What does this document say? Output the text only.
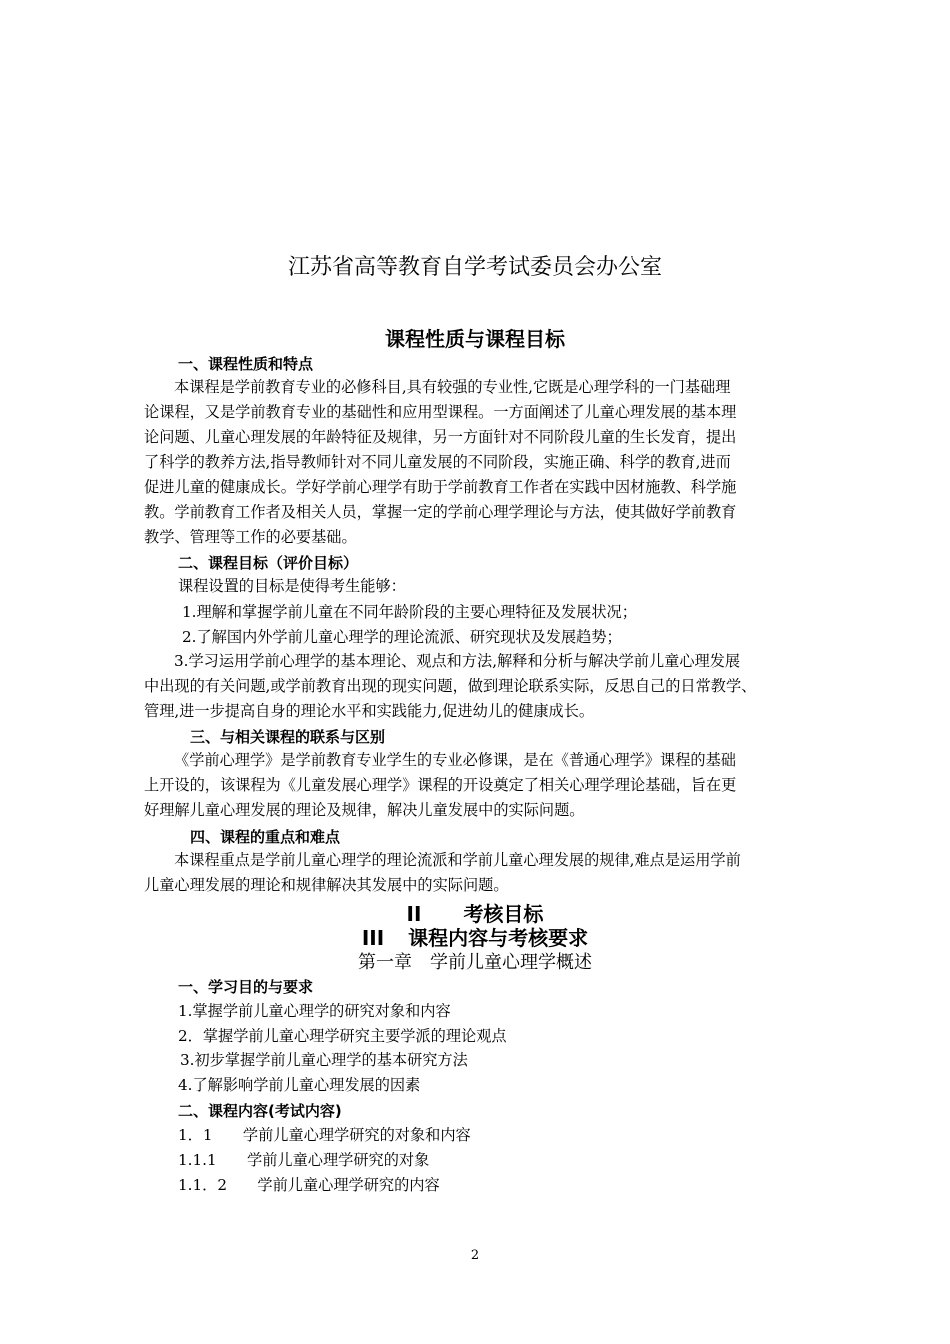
江苏省高等教育自学考试委员会办公室
课程性质与课程目标
一、课程性质和特点
本课程是学前教育专业的必修科目,具有较强的专业性,它既是心理学科的一门基础理
论课程，又是学前教育专业的基础性和应用型课程。一方面阐述了儿童心理发展的基本理
论问题、儿童心理发展的年龄特征及规律，另一方面针对不同阶段儿童的生长发育，提出
了科学的教养方法,指导教师针对不同儿童发展的不同阶段，实施正确、科学的教育,进而
促进儿童的健康成长。学好学前心理学有助于学前教育工作者在实践中因材施教、科学施
教。学前教育工作者及相关人员，掌握一定的学前心理学理论与方法，使其做好学前教育
教学、管理等工作的必要基础。
二、课程目标（评价目标）
课程设置的目标是使得考生能够：
1.理解和掌握学前儿童在不同年龄阶段的主要心理特征及发展状况；
2.了解国内外学前儿童心理学的理论流派、研究现状及发展趋势；
3.学习运用学前心理学的基本理论、观点和方法,解释和分析与解决学前儿童心理发展
中出现的有关问题,或学前教育出现的现实问题，做到理论联系实际，反思自己的日常教学、
管理,进一步提高自身的理论水平和实践能力,促进幼儿的健康成长。
三、与相关课程的联系与区别
《学前心理学》是学前教育专业学生的专业必修课，是在《普通心理学》课程的基础
上开设的，该课程为《儿童发展心理学》课程的开设奠定了相关心理学理论基础，旨在更
好理解儿童心理发展的理论及规律，解决儿童发展中的实际问题。
四、课程的重点和难点
本课程重点是学前儿童心理学的理论流派和学前儿童心理发展的规律,难点是运用学前
儿童心理发展的理论和规律解决其发展中的实际问题。
II 考核目标
III 课程内容与考核要求
第一章　学前儿童心理学概述
一、学习目的与要求
1.掌握学前儿童心理学的研究对象和内容
2．掌握学前儿童心理学研究主要学派的理论观点
3.初步掌握学前儿童心理学的基本研究方法
4.了解影响学前儿童心理发展的因素
二、课程内容(考试内容)
1．1　　学前儿童心理学研究的对象和内容
1.1.1　　学前儿童心理学研究的对象
1.1．2　　学前儿童心理学研究的内容
2
